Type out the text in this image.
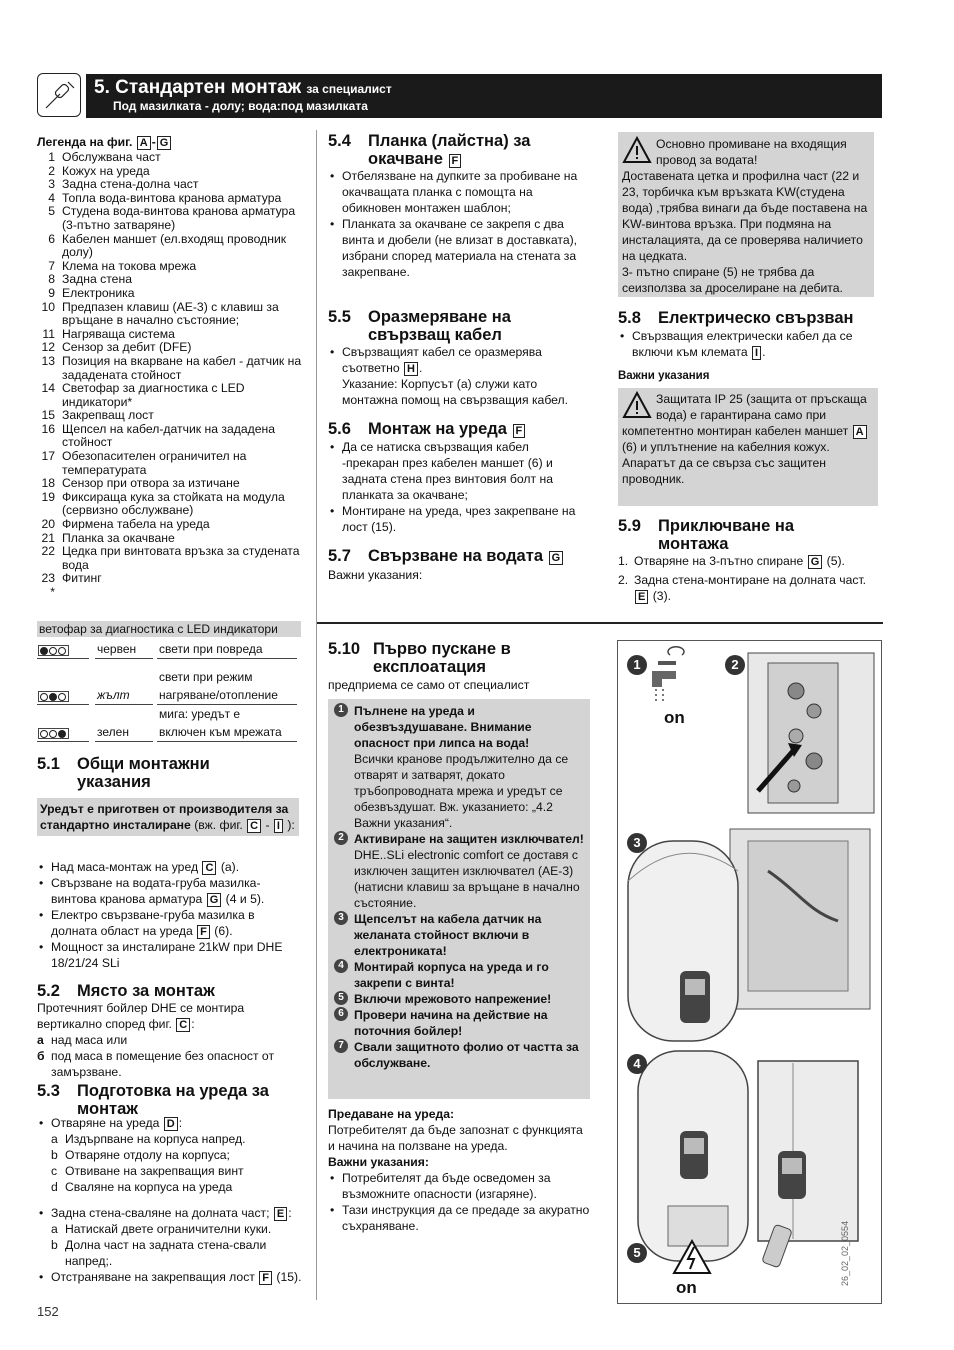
5. Стандартен монтаж за специалист
Под мазилката - долу; вода:под мазилката
Легенда на фиг. A - G
1 Обслужвана част
2 Кожух на уреда
3 Задна стена-долна част
4 Топла вода-винтова кранова арматура
5 Студена вода-винтова кранова арматура (3-пътно затваряне)
6 Кабелен маншет (ел.входящ проводник долу)
7 Клема на токова мрежа
8 Задна стена
9 Електроника
10 Предпазен клавиш (AE-3) с клавиш за връщане в начално състояние;
11 Нагряваща система
12 Сензор за дебит (DFE)
13 Позиция на вкарване на кабел - датчик на зададената стойност
14 Светофар за диагностика с LED индикатори*
15 Закрепващ лост
16 Щепсел на кабел-датчик на зададена стойност
17 Обезопасителен ограничител на температурата
18 Сензор при отвора за изтичане
19 Фиксираща кука за стойката на модула (сервизно обслужване)
20 Фирмена табела на уреда
21 Планка за окачване
22 Цедка при винтовата връзка за студената вода
23 Фитинг
*
ветофар за диагностика с LED индикатори
червен свети при повреда
свети при режим
жълт нагряване/отопление
мига: уредът е
зелен	включен към мрежата
5.1 Общи монтажни указания
Уредът е приготвен от производителя за стандартно инсталиране (вж. фиг. C - I ):
• Над маса-монтаж на уред C (а).
• Свързване на водата-груба мазилка-винтова кранова арматура G (4 и 5).
• Електро свързване-груба мазилка в долната област на уреда F (6).
• Мощност за инсталиране 21kW при DHE 18/21/24 SLi
5.2 Място за монтаж
Протечният бойлер DHE се монтира вертикално според фиг. C :
а над маса или
б под маса в помещение без опасност от замързване.
5.3 Подготовка на уреда за монтаж
• Отваряне на уреда D :
a Издърпване на корпуса напред.
b Отваряне отдолу на корпуса;
c Отвиване на закрепващия винт
d Сваляне на корпуса на уреда
• Задна стена-сваляне на долната част; E :
a Натискай двете ограничителни куки.
b Долна част на задната стена-свали напред;.
• Отстраняване на закрепващия лост F (15).
152
5.4 Планка (лайстна) за окачване F
• Отбелязване на дупките за пробиване на окачващата планка с помощта на обикновен монтажен шаблон;
• Планката за окачване се закрепя с два винта и дюбели (не влизат в доставката), избрани според материала на стената за закрепване.
5.5 Оразмеряване на свързващ кабел
• Свързващият кабел се оразмерява съответно H .
Указание: Корпусът (а) служи като монтажна помощ на свързващия кабел.
5.6 Монтаж на уреда F
• Да се натиска свързващия кабел -прекаран през кабелен маншет (6) и задната стена през винтовия болт на планката за окачване;
• Монтиране на уреда, чрез закрепване на лост (15).
5.7 Свързване на водата G
Важни указания:
Основно промиване на входящия провод за водата!
Доставената цетка и профилна част (22 и 23, торбичка към връзката KW(студена вода) ,трябва винаги да бъде поставена на KW-винтова връзка. При подмяна на инсталацията, да се проверява наличието на цедката.
3- пътно спиране (5) не трябва да сеизползва за дроселиране на дебита.
5.8 Електрическо свързван
• Свързващия електрически кабел да се включи към клемата I .
Важни указания
Защитата IP 25 (защита от пръскаща вода) е гарантирана само при компетентно монтиран кабелен маншет A (6) и уплътнение на кабелния кожух.
Апаратът да се свърза със защитен проводник.
5.9 Приключване на монтажа
1. Отваряне на 3-пътно спиране G (5).
2. Задна стена-монтиране на долната част. E (3).
5.10 Първо пускане в експлоатация
предприема се само от специалист
1 Пълнене на уреда и обезвъздушаване. Внимание опасност при липса на вода!
Всички кранове продължително да се отварят и затварят, докато тръбопроводната мрежа и уредът се обезвъздушат. Вж. указанието: „4.2 Важни указания“.
2 Активиране на защитен изключвател!
DHE..SLi electronic comfort се доставя с изключен защитен изключвател (AE-3) (натисни клавиш за връщане в начално състояние.
3 Щепселът на кабела датчик на желаната стойност включи в електрониката!
4 Монтирай корпуса на уреда и го закрепи с винта!
5 Включи мрежовото напрежение!
6 Провери начина на действие на поточния бойлер!
7 Свали защитното фолио от частта за обслужване.
Предаване на уреда:
Потребителят да бъде запознат с функцията и начина на ползване на уреда.
Важни указания:
• Потребителят да бъде осведомен за възможните опасности (изгаряне).
• Тази инструкция да се предаде за акуратно съхраняване.
1	2
3
4
5
on
on
26_02_02_0554
